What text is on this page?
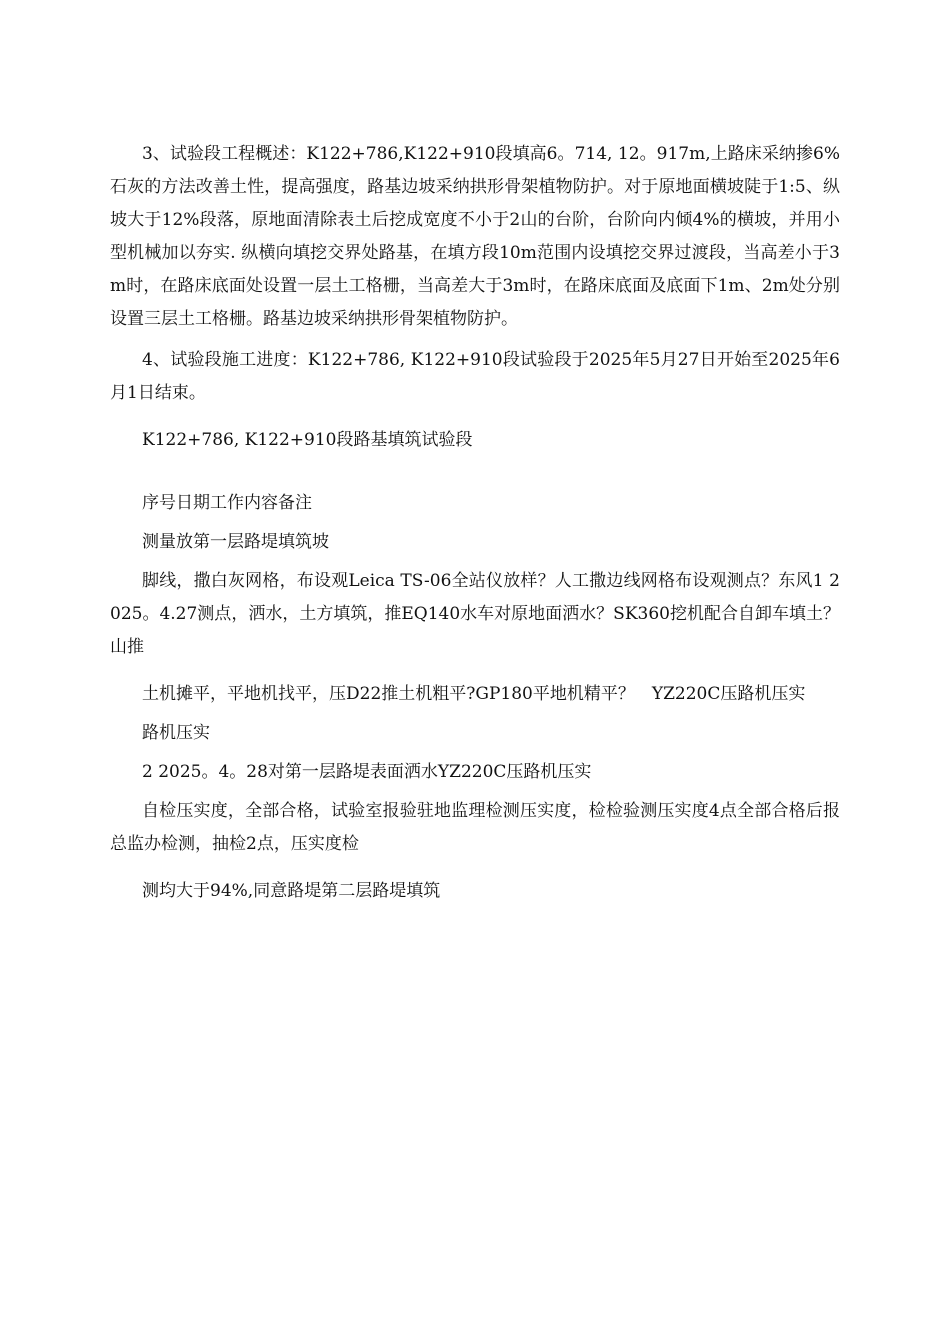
3、试验段工程概述：K122+786,K122+910段填高6。714, 12。917m,上路床采纳掺6%石灰的方法改善土性，提高强度，路基边坡采纳拱形骨架植物防护。对于原地面横坡陡于1:5、纵坡大于12%段落，原地面清除表土后挖成宽度不小于2山的台阶，台阶向内倾4%的横坡，并用小型机械加以夯实. 纵横向填挖交界处路基，在填方段10m范围内设填挖交界过渡段，当高差小于3m时，在路床底面处设置一层土工格栅，当高差大于3m时，在路床底面及底面下1m、2m处分别设置三层土工格栅。路基边坡采纳拱形骨架植物防护。

4、试验段施工进度：K122+786, K122+910段试验段于2025年5月27日开始至2025年6月1日结束。

K122+786, K122+910段路基填筑试验段

序号日期工作内容备注

测量放第一层路堤填筑坡

脚线，撒白灰网格，布设观Leica TS-06全站仪放样？人工撒边线网格布设观测点？东风1 2025。4.27测点，洒水，土方填筑，推EQ140水车对原地面洒水？SK360挖机配合自卸车填土？山推

土机摊平，平地机找平，压D22推土机粗平?GP180平地机精平？　YZ220C压路机压实

路机压实

2 2025。4。28对第一层路堤表面洒水YZ220C压路机压实

自检压实度，全部合格，试验室报验驻地监理检测压实度，检检验测压实度4点全部合格后报总监办检测，抽检2点，压实度检

测均大于94%,同意路堤第二层路堤填筑
